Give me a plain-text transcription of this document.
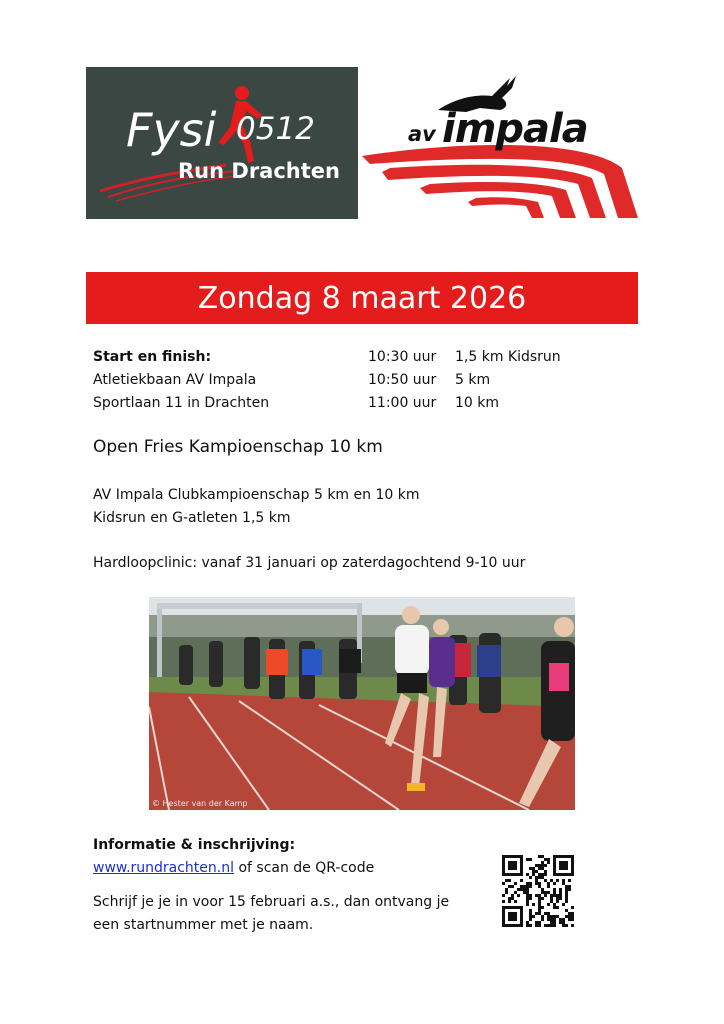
Fysi 0512
Run Drachten
av impala
Zondag 8 maart 2026
Start en finish:	10:30 uur 1,5 km Kidsrun
Atletiekbaan AV Impala	10:50 uur 5 km
Sportlaan 11 in Drachten	11:00 uur 10 km
Open Fries Kampioenschap 10 km
AV Impala Clubkampioenschap 5 km en 10 km
Kidsrun en G-atleten 1,5 km
Hardloopclinic: vanaf 31 januari op zaterdagochtend 9-10 uur
© Hester van der Kamp
Informatie & inschrijving:
www.rundrachten.nl of scan de QR-code
Schrijf je je in voor 15 februari a.s., dan ontvang je
een startnummer met je naam.
